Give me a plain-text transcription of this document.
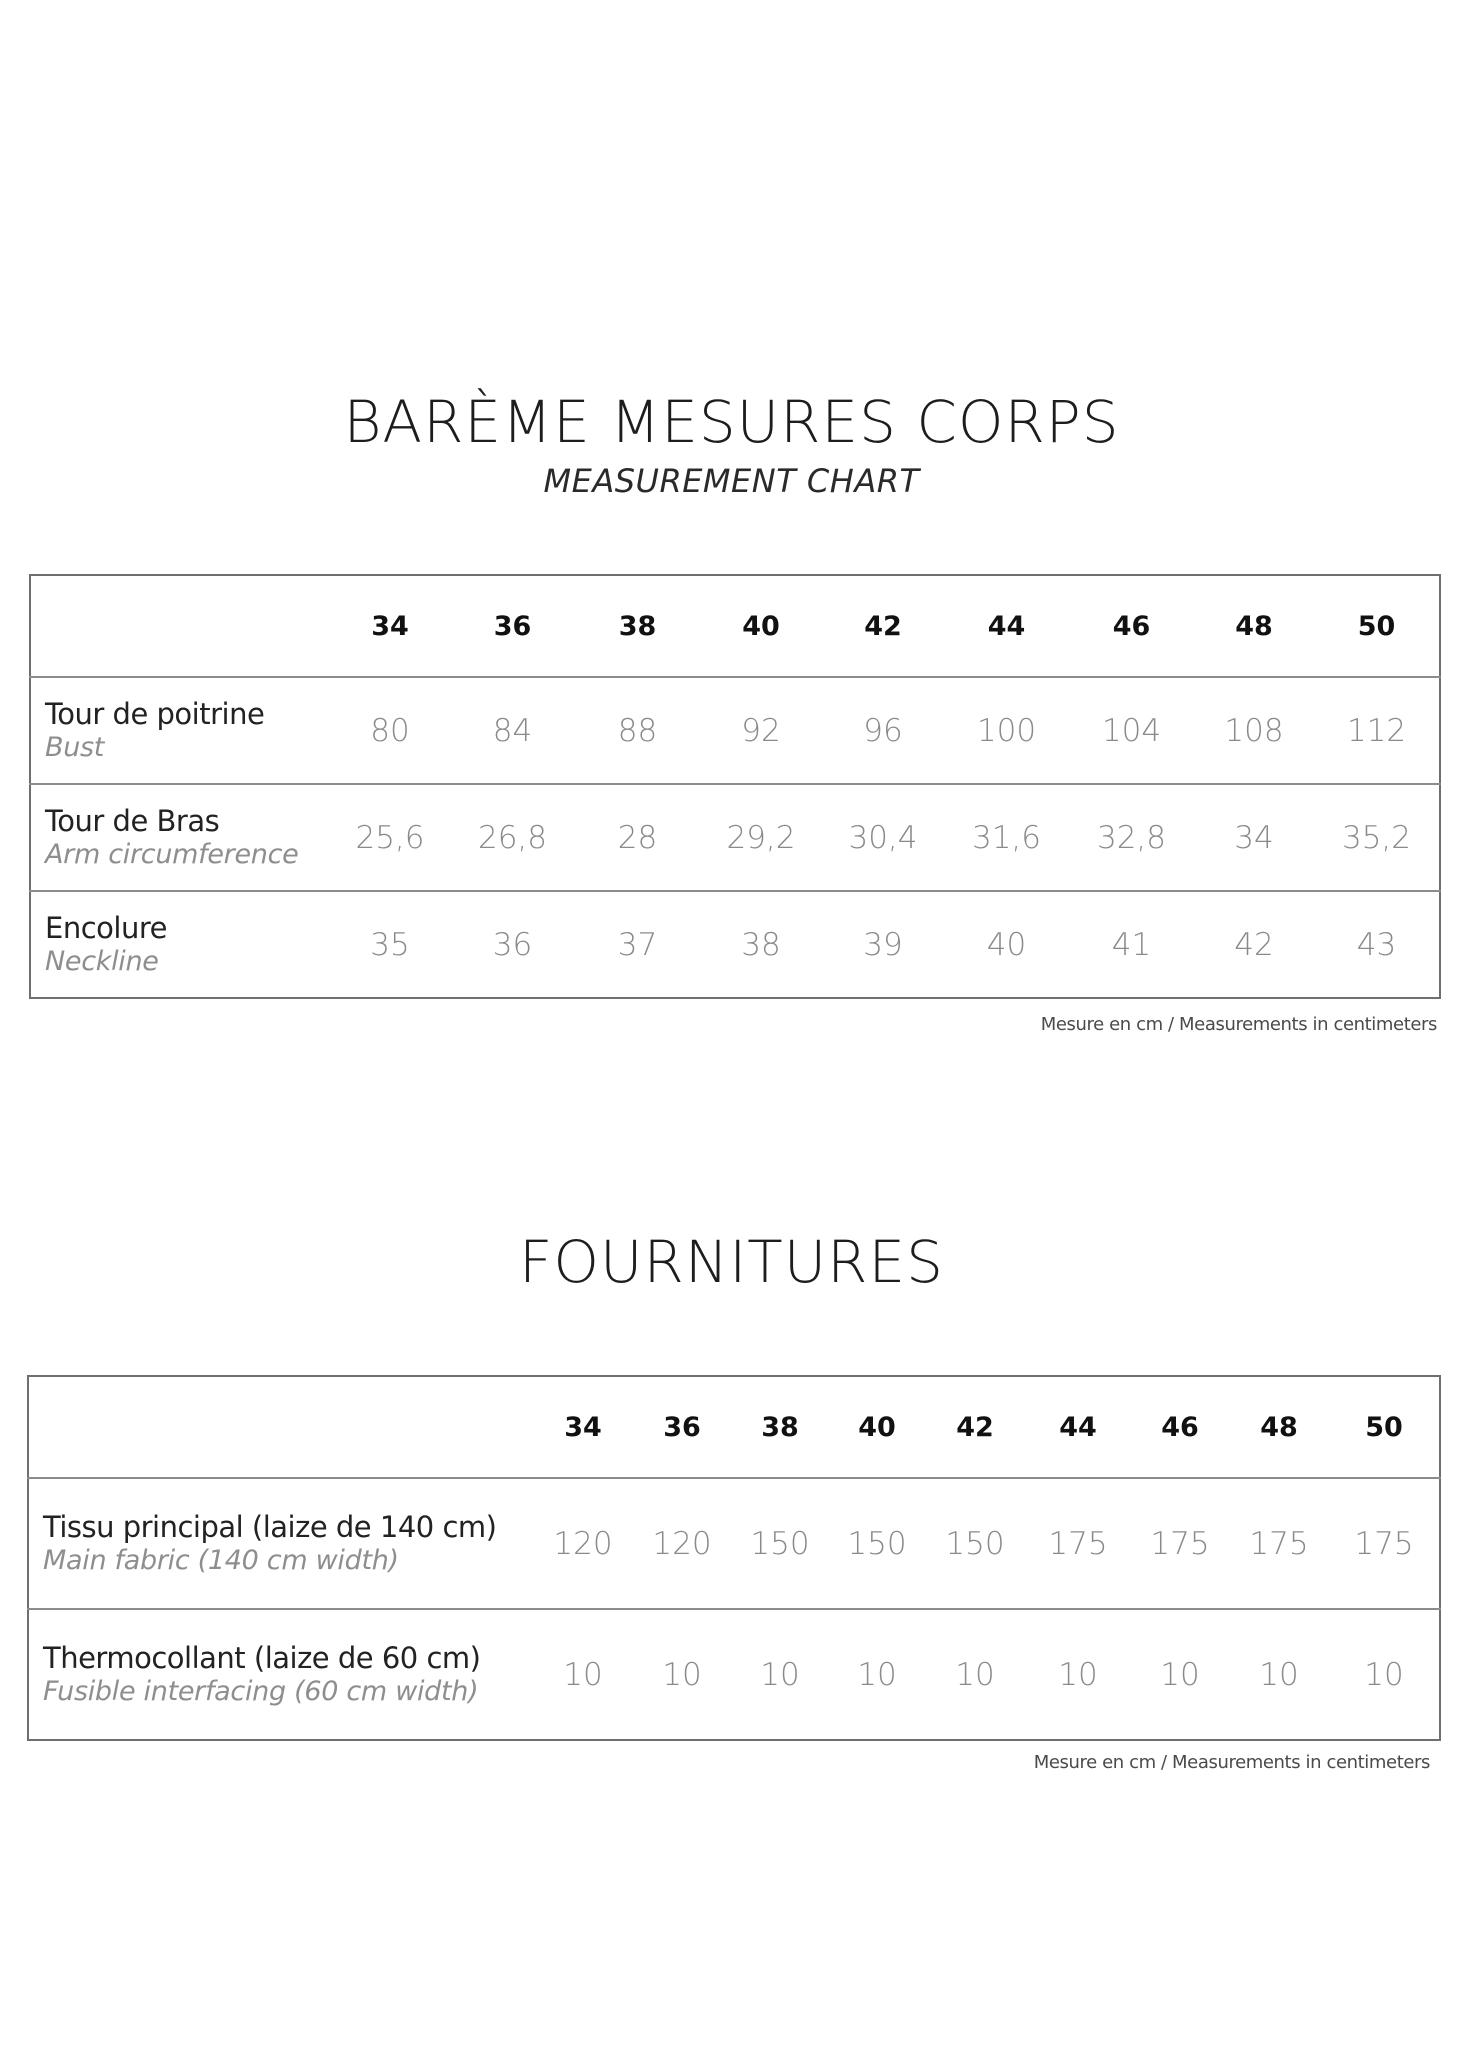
BARÈME MESURES CORPS
MEASUREMENT CHART
	34	36	38	40	42	44	46	48	50

Tour de poitrine
Bust	80	84	88	92	96	100	104	108	112

Tour de Bras
Arm circumference	25,6	26,8	28	29,2	30,4	31,6	32,8	34	35,2

Encolure
Neckline	35	36	37	38	39	40	41	42	43
Mesure en cm / Measurements in centimeters
FOURNITURES
	34	36	38	40	42	44	46	48	50

Tissu principal (laize de 140 cm)
Main fabric (140 cm width)	120	120	150	150	150	175	175	175	175

Thermocollant (laize de 60 cm)
Fusible interfacing (60 cm width)	10	10	10	10	10	10	10	10	10
Mesure en cm / Measurements in centimeters
